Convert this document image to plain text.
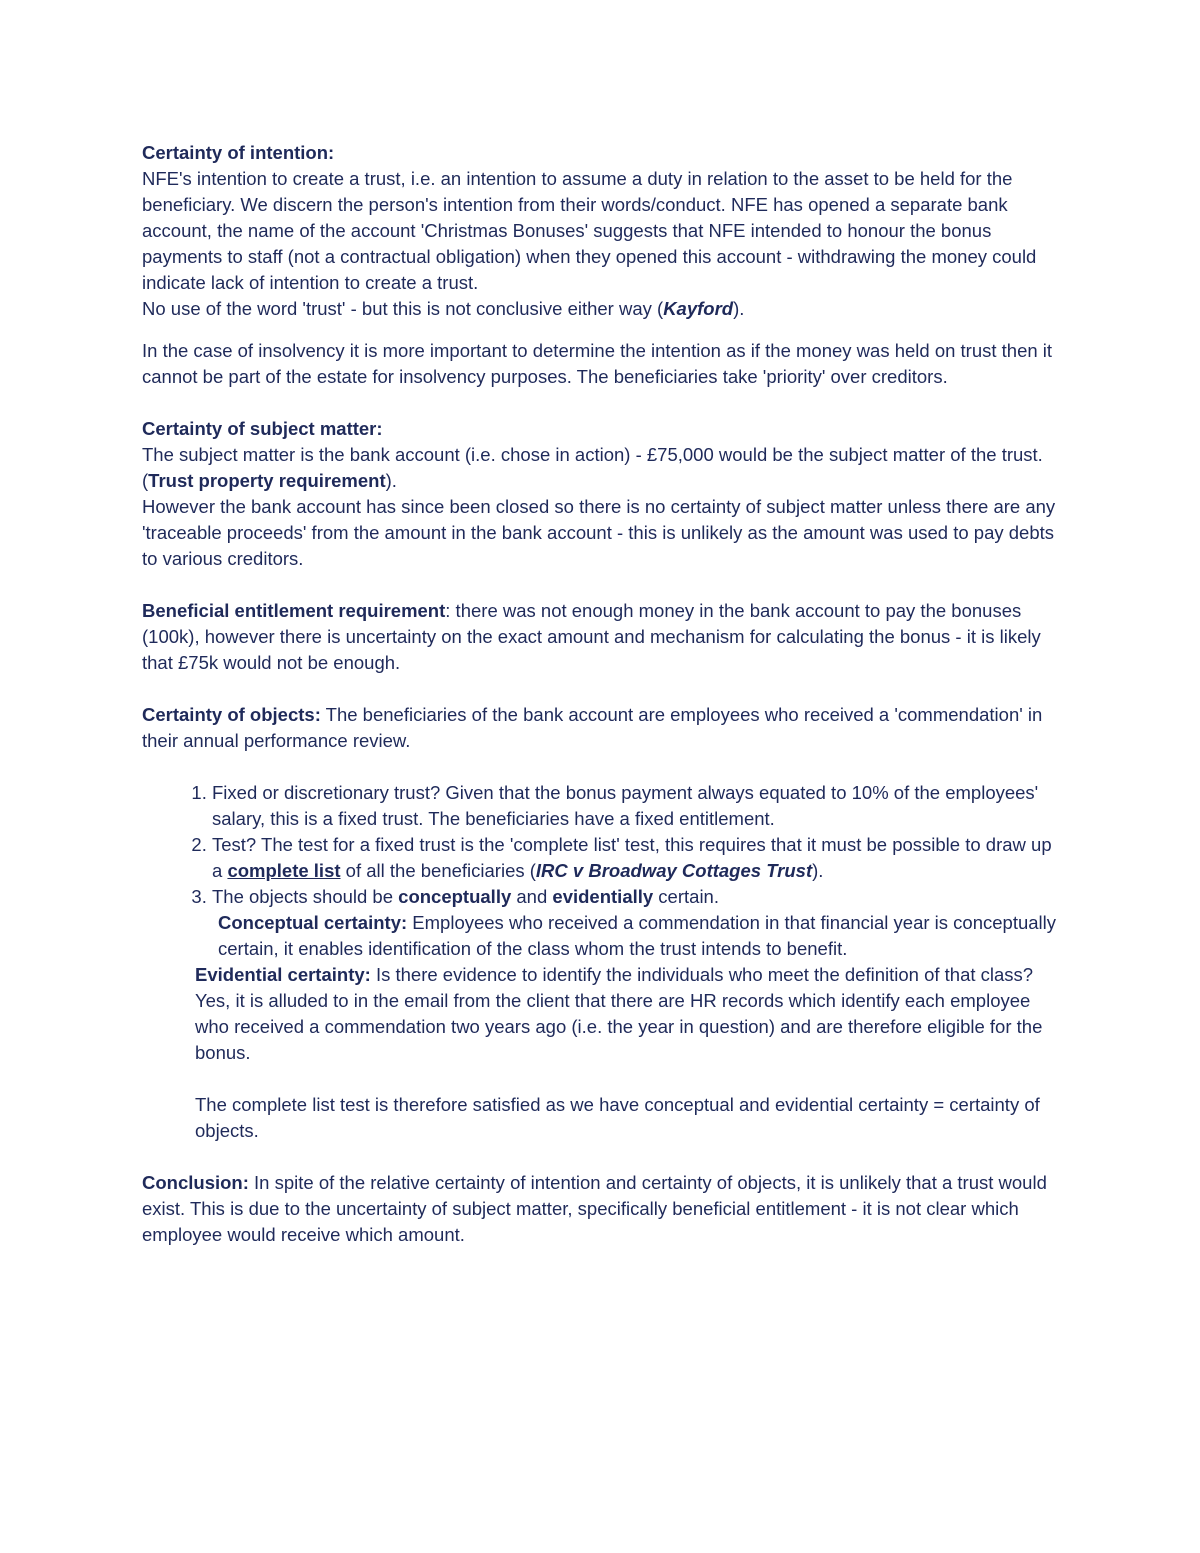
Certainty of intention:

NFE's intention to create a trust, i.e. an intention to assume a duty in relation to the asset to be held for the beneficiary. We discern the person's intention from their words/conduct. NFE has opened a separate bank account, the name of the account 'Christmas Bonuses' suggests that NFE intended to honour the bonus payments to staff (not a contractual obligation) when they opened this account - withdrawing the money could indicate lack of intention to create a trust.

No use of the word 'trust' - but this is not conclusive either way (Kayford).

In the case of insolvency it is more important to determine the intention as if the money was held on trust then it cannot be part of the estate for insolvency purposes. The beneficiaries take 'priority' over creditors.

Certainty of subject matter:

The subject matter is the bank account (i.e. chose in action) - £75,000 would be the subject matter of the trust. (Trust property requirement).

However the bank account has since been closed so there is no certainty of subject matter unless there are any 'traceable proceeds' from the amount in the bank account - this is unlikely as the amount was used to pay debts to various creditors.

Beneficial entitlement requirement: there was not enough money in the bank account to pay the bonuses (100k), however there is uncertainty on the exact amount and mechanism for calculating the bonus - it is likely that £75k would not be enough.

Certainty of objects: The beneficiaries of the bank account are employees who received a 'commendation' in their annual performance review.

1. Fixed or discretionary trust? Given that the bonus payment always equated to 10% of the employees' salary, this is a fixed trust. The beneficiaries have a fixed entitlement.
2. Test? The test for a fixed trust is the 'complete list' test, this requires that it must be possible to draw up a complete list of all the beneficiaries (IRC v Broadway Cottages Trust).
3. The objects should be conceptually and evidentially certain.
Conceptual certainty: Employees who received a commendation in that financial year is conceptually certain, it enables identification of the class whom the trust intends to benefit.

Evidential certainty: Is there evidence to identify the individuals who meet the definition of that class? Yes, it is alluded to in the email from the client that there are HR records which identify each employee who received a commendation two years ago (i.e. the year in question) and are therefore eligible for the bonus.

The complete list test is therefore satisfied as we have conceptual and evidential certainty = certainty of objects.

Conclusion: In spite of the relative certainty of intention and certainty of objects, it is unlikely that a trust would exist. This is due to the uncertainty of subject matter, specifically beneficial entitlement - it is not clear which employee would receive which amount.
